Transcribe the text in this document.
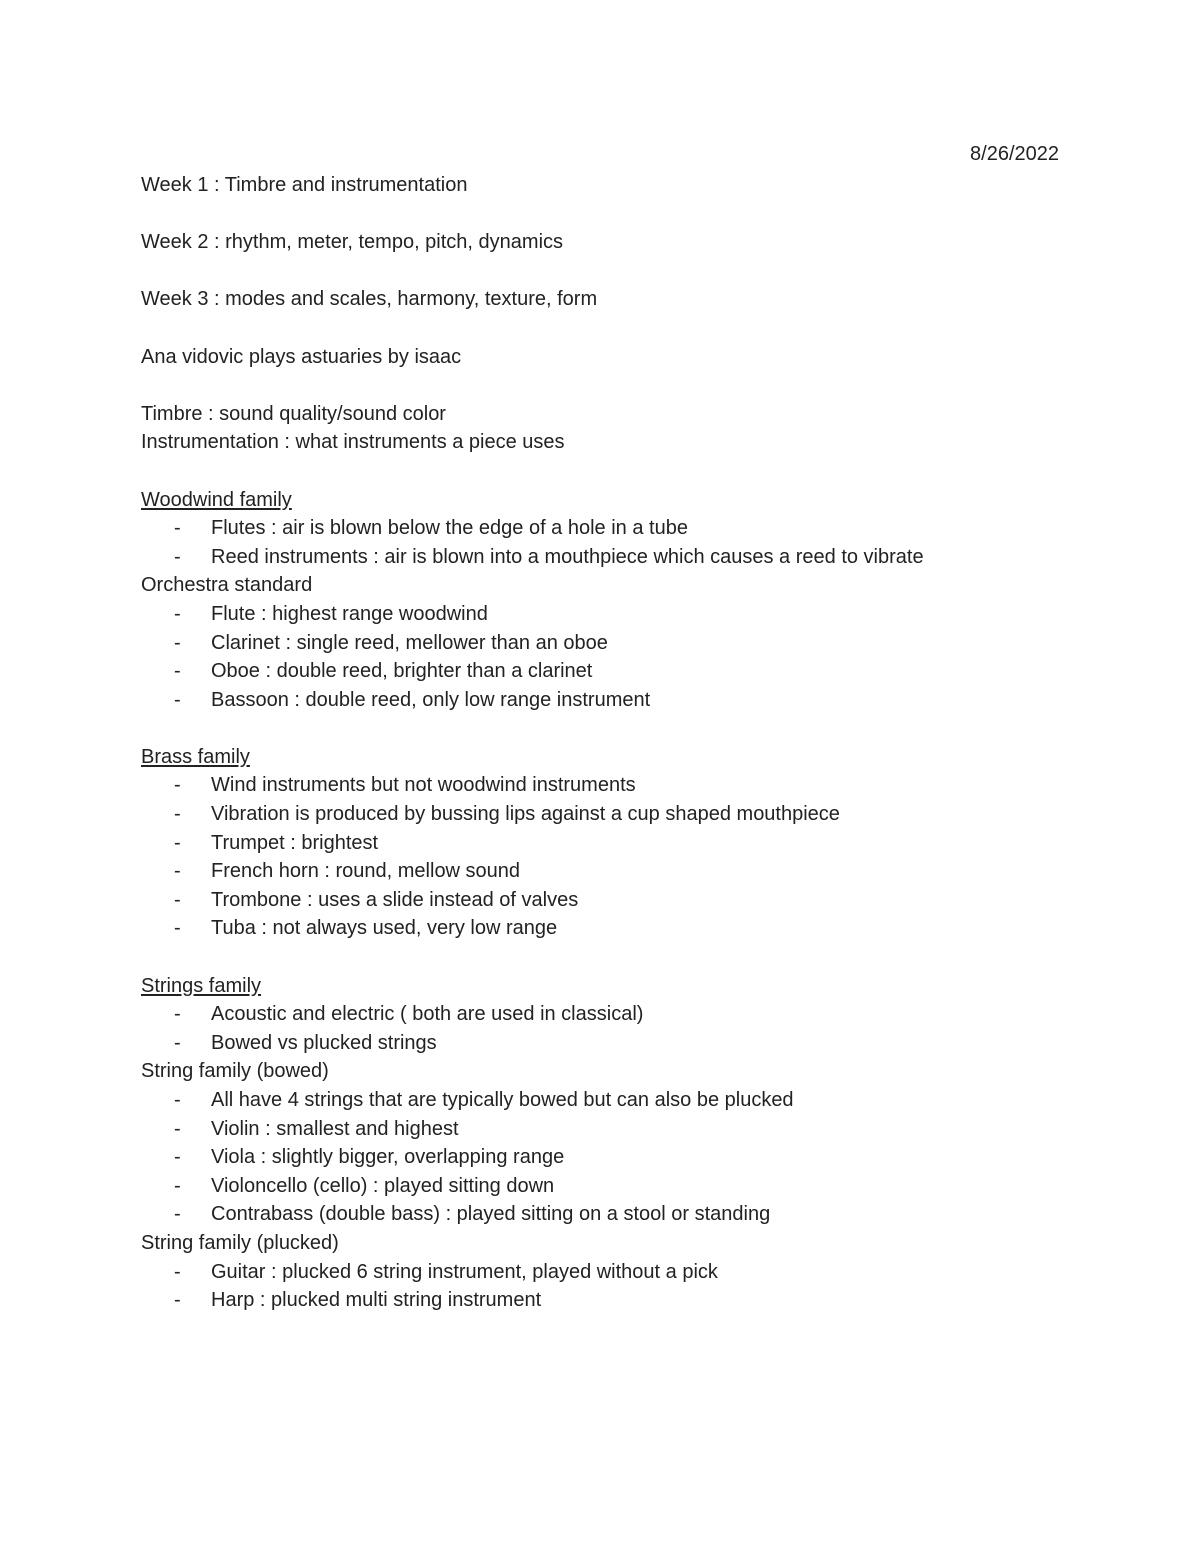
8/26/2022

Week 1 : Timbre and instrumentation

Week 2 : rhythm, meter, tempo, pitch, dynamics

Week 3 : modes and scales, harmony, texture, form

Ana vidovic plays astuaries by isaac

Timbre : sound quality/sound color

Instrumentation : what instruments a piece uses

Woodwind family

- Flutes : air is blown below the edge of a hole in a tube
- Reed instruments : air is blown into a mouthpiece which causes a reed to vibrate

Orchestra standard

- Flute : highest range woodwind
- Clarinet : single reed, mellower than an oboe
- Oboe : double reed, brighter than a clarinet
- Bassoon : double reed, only low range instrument

Brass family

- Wind instruments but not woodwind instruments
- Vibration is produced by bussing lips against a cup shaped mouthpiece
- Trumpet : brightest
- French horn : round, mellow sound
- Trombone : uses a slide instead of valves
- Tuba : not always used, very low range

Strings family

- Acoustic and electric ( both are used in classical)
- Bowed vs plucked strings

String family (bowed)

- All have 4 strings that are typically bowed but can also be plucked
- Violin : smallest and highest
- Viola : slightly bigger, overlapping range
- Violoncello (cello) : played sitting down
- Contrabass (double bass) : played sitting on a stool or standing

String family (plucked)

- Guitar : plucked 6 string instrument, played without a pick
- Harp : plucked multi string instrument
